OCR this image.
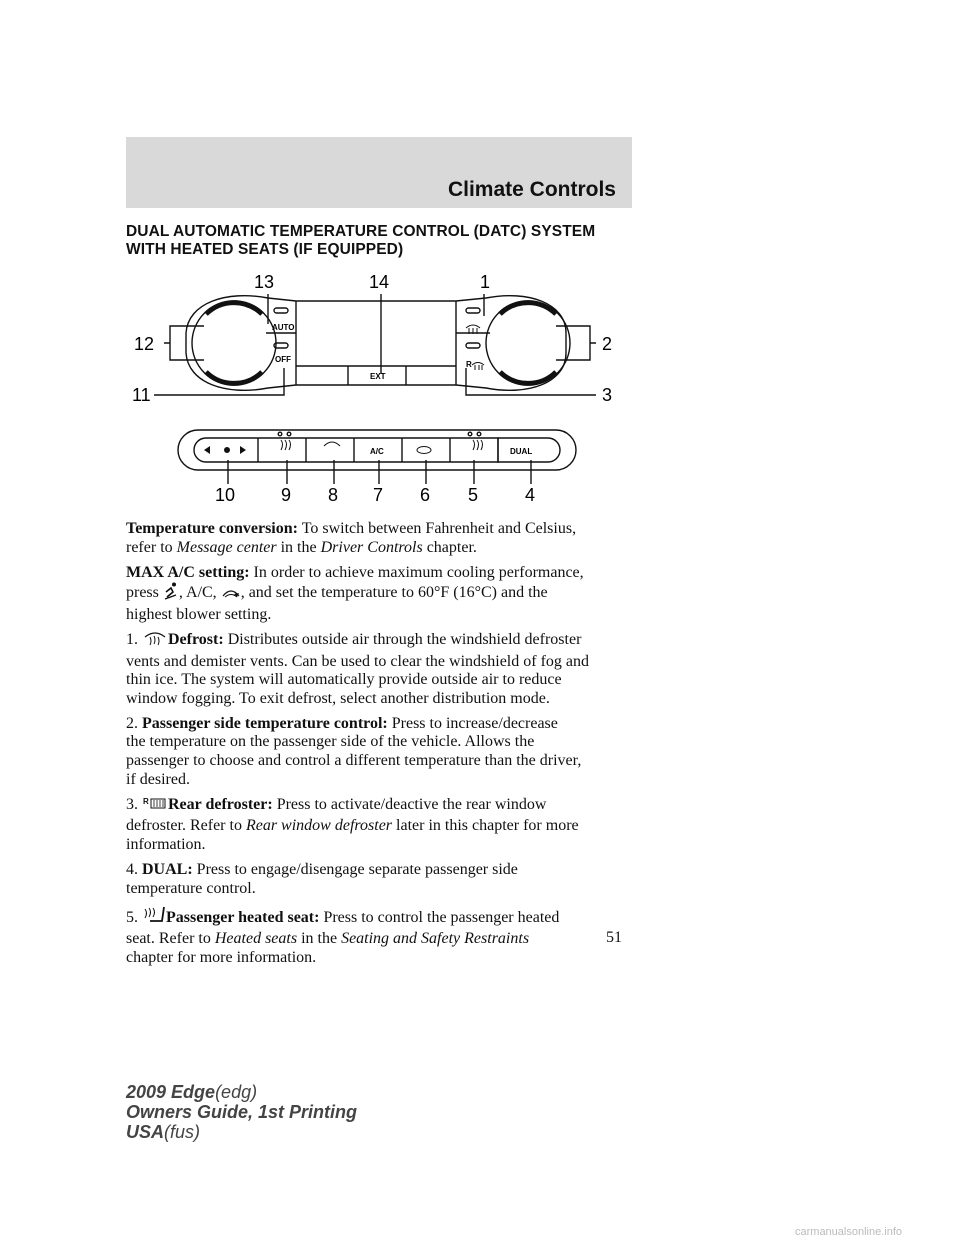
Climate Controls
DUAL AUTOMATIC TEMPERATURE CONTROL (DATC) SYSTEM
WITH HEATED SEATS (IF EQUIPPED)
AUTO
OFF
EXT
R
A/C	DUAL
13	14	1
12	2
11	3
10	9 8 7 6 5	4

Temperature conversion: To switch between Fahrenheit and Celsius,
refer to Message center in the Driver Controls chapter.

MAX A/C setting: In order to achieve maximum cooling performance,
press , A/C, , and set the temperature to 60°F (16°C) and the
highest blower setting.

1. Defrost: Distributes outside air through the windshield defroster
vents and demister vents. Can be used to clear the windshield of fog and
thin ice. The system will automatically provide outside air to reduce
window fogging. To exit defrost, select another distribution mode.

2. Passenger side temperature control: Press to increase/decrease
the temperature on the passenger side of the vehicle. Allows the
passenger to choose and control a different temperature than the driver,
if desired.

3. R Rear defroster: Press to activate/deactive the rear window
defroster. Refer to Rear window defroster later in this chapter for more
information.

4. DUAL: Press to engage/disengage separate passenger side
temperature control.

5. Passenger heated seat: Press to control the passenger heated
seat. Refer to Heated seats in the Seating and Safety Restraints
chapter for more information.

51
2009 Edge(edg)
Owners Guide, 1st Printing
USA(fus)
carmanualsonline.info
